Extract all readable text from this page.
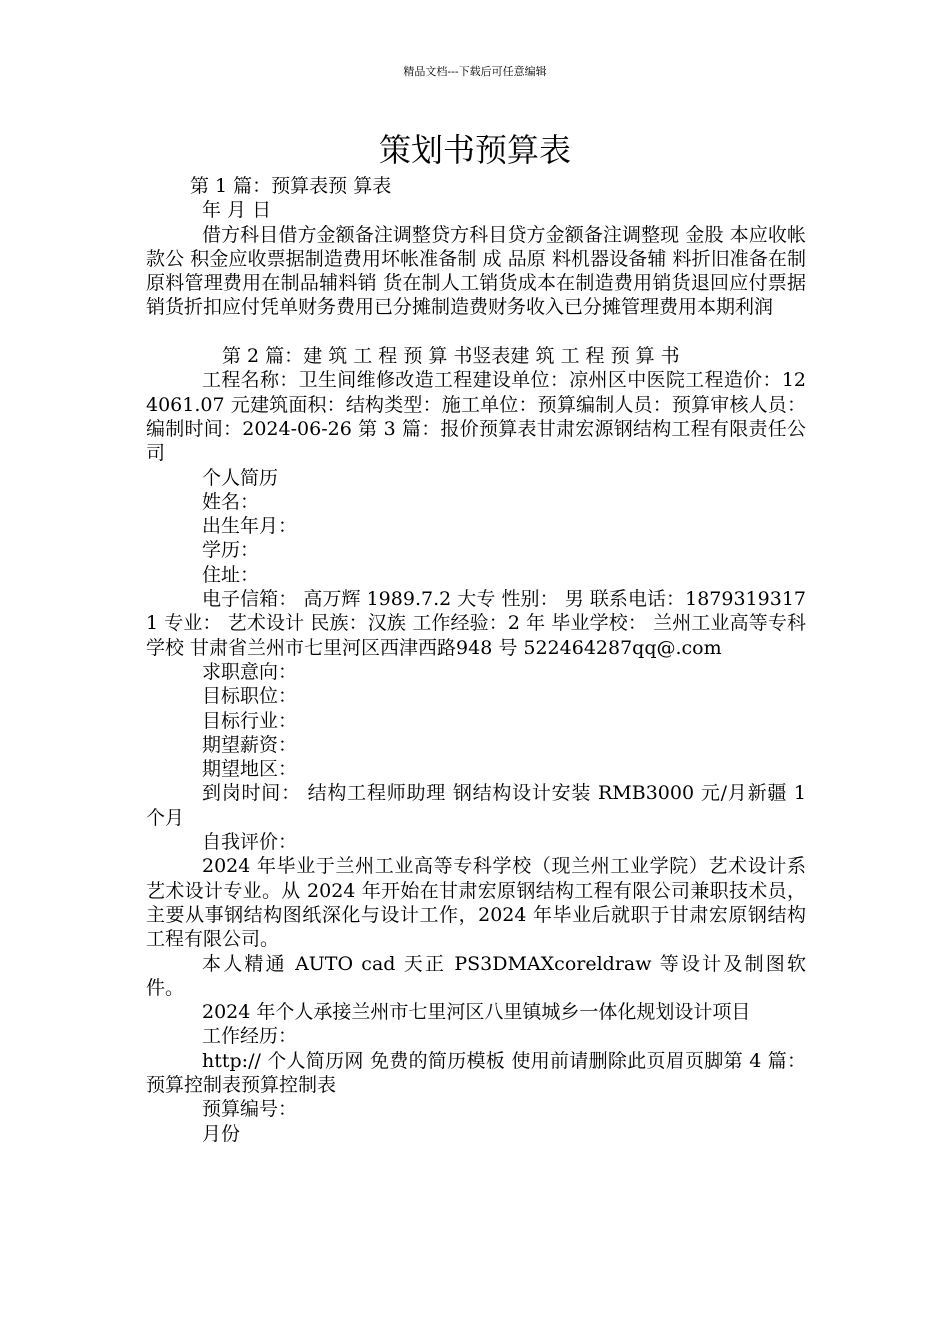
精品文档---下载后可任意编辑
策划书预算表

第 1 篇：预算表预 算表

年 月 日

借方科目借方金额备注调整贷方科目贷方金额备注调整现 金股 本应收帐款公 积金应收票据制造费用坏帐准备制 成 品原 料机器设备辅 料折旧准备在制原料管理费用在制品辅料销 货在制人工销货成本在制造费用销货退回应付票据销货折扣应付凭单财务费用已分摊制造费财务收入已分摊管理费用本期利润

第 2 篇：建 筑 工 程 预 算 书竖表建 筑 工 程 预 算 书

工程名称：卫生间维修改造工程建设单位：凉州区中医院工程造价：124061.07 元建筑面积：结构类型：施工单位：预算编制人员：预算审核人员：编制时间：2024-06-26 第 3 篇：报价预算表甘肃宏源钢结构工程有限责任公司

个人简历

姓名：

出生年月：

学历：

住址：

电子信箱： 高万辉 1989.7.2 大专 性别： 男 联系电话：18793193171 专业： 艺术设计 民族：汉族 工作经验：2 年 毕业学校： 兰州工业高等专科学校 甘肃省兰州市七里河区西津西路948 号 522464287qq@.com

求职意向：

目标职位：

目标行业：

期望薪资：

期望地区：

到岗时间： 结构工程师助理 钢结构设计安装 RMB3000 元/月新疆 1 个月

自我评价：

2024 年毕业于兰州工业高等专科学校（现兰州工业学院）艺术设计系艺术设计专业。从 2024 年开始在甘肃宏原钢结构工程有限公司兼职技术员，主要从事钢结构图纸深化与设计工作，2024 年毕业后就职于甘肃宏原钢结构工程有限公司。

本人精通 AUTO cad 天正 PS3DMAXcoreldraw 等设计及制图软件。

2024 年个人承接兰州市七里河区八里镇城乡一体化规划设计项目

工作经历：

http:// 个人简历网 免费的简历模板 使用前请删除此页眉页脚第 4 篇：预算控制表预算控制表

预算编号：

月份
